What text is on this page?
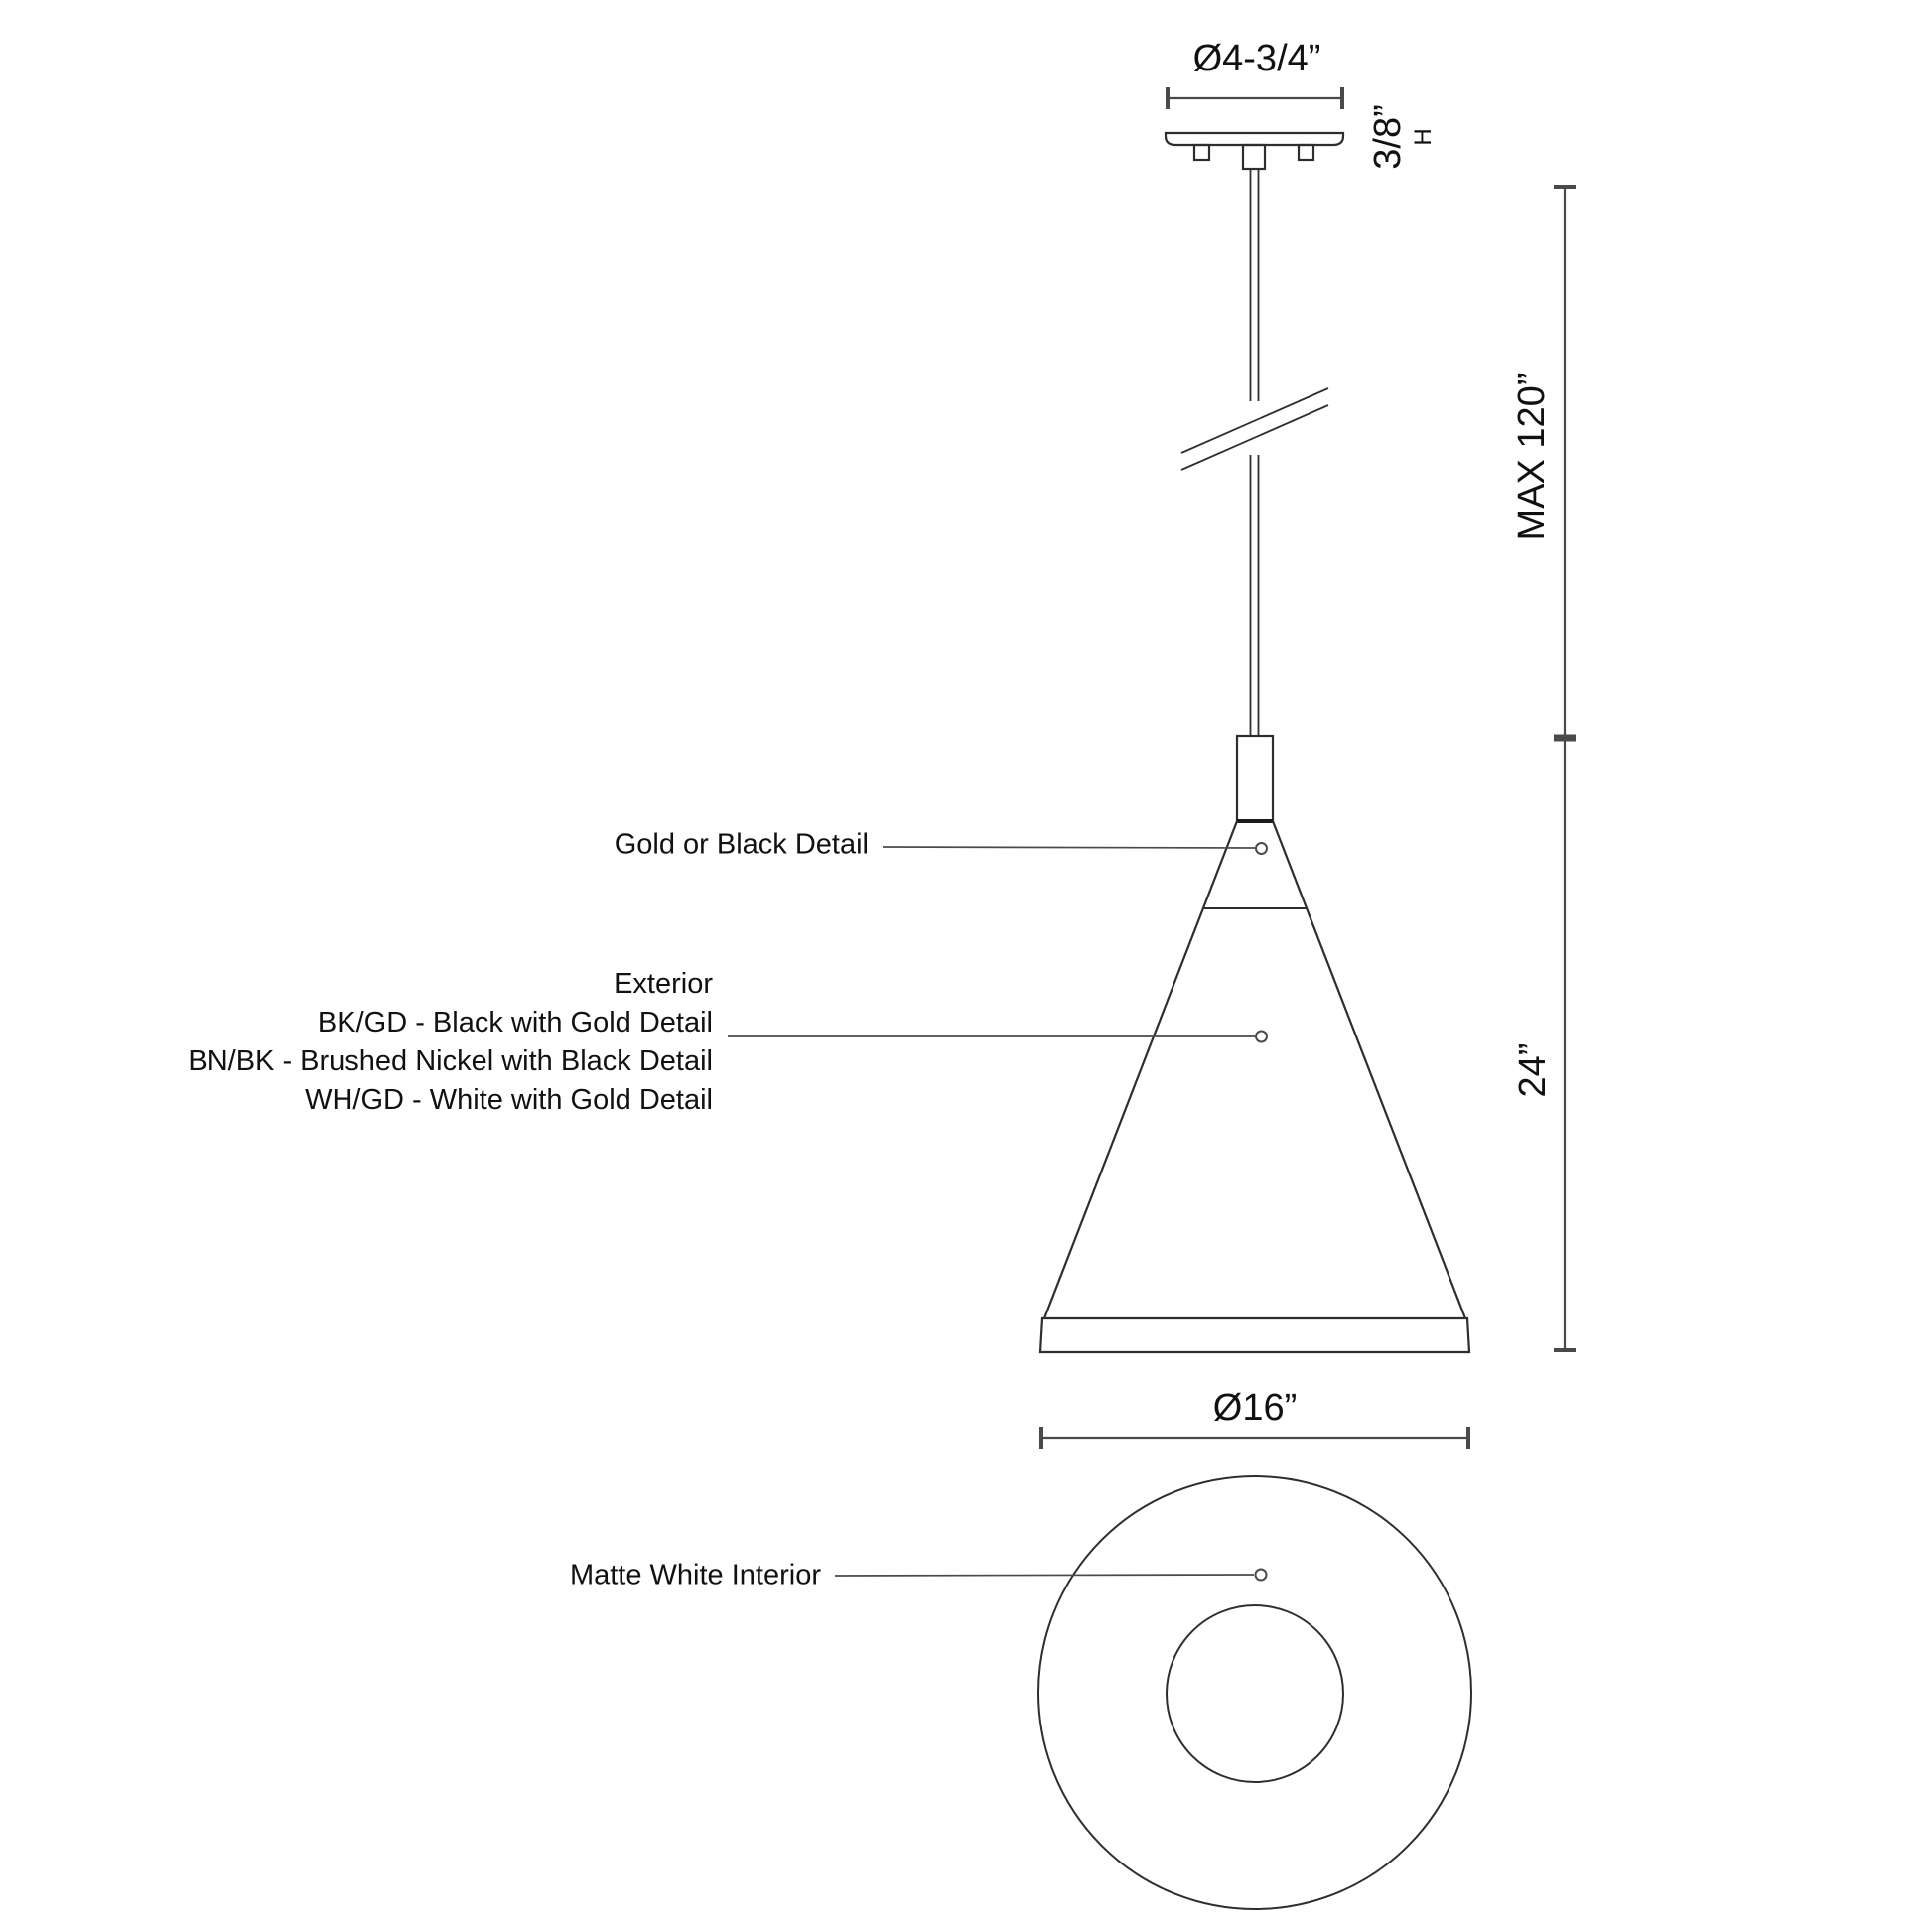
Ø4-3/4”
3/8” H
MAX 120”
24”
Gold or Black Detail
Exterior
BK/GD - Black with Gold Detail
BN/BK - Brushed Nickel with Black Detail
WH/GD - White with Gold Detail
Ø16”
Matte White Interior
